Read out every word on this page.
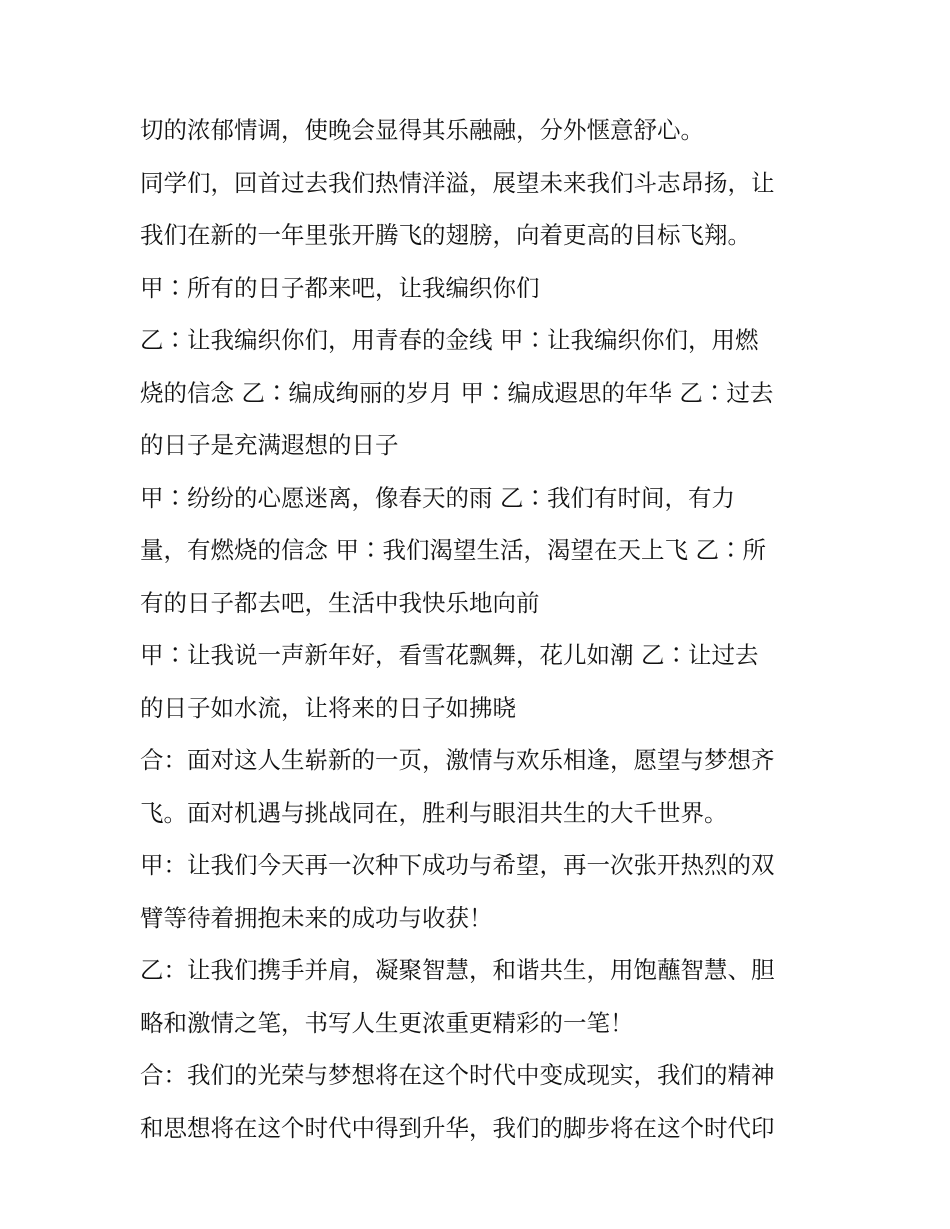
切的浓郁情调，使晚会显得其乐融融，分外惬意舒心。
同学们，回首过去我们热情洋溢，展望未来我们斗志昂扬，让
我们在新的一年里张开腾飞的翅膀，向着更高的目标飞翔。
甲∶所有的日子都来吧，让我编织你们
乙∶让我编织你们，用青春的金线 甲∶让我编织你们，用燃
烧的信念 乙∶编成绚丽的岁月 甲∶编成遐思的年华 乙∶过去
的日子是充满遐想的日子
甲∶纷纷的心愿迷离，像春天的雨 乙∶我们有时间，有力
量，有燃烧的信念 甲∶我们渴望生活，渴望在天上飞 乙∶所
有的日子都去吧，生活中我快乐地向前
甲∶让我说一声新年好，看雪花飘舞，花儿如潮 乙∶让过去
的日子如水流，让将来的日子如拂晓
合：面对这人生崭新的一页，激情与欢乐相逢，愿望与梦想齐
飞。面对机遇与挑战同在，胜利与眼泪共生的大千世界。
甲：让我们今天再一次种下成功与希望，再一次张开热烈的双
臂等待着拥抱未来的成功与收获！
乙：让我们携手并肩，凝聚智慧，和谐共生，用饱蘸智慧、胆
略和激情之笔，书写人生更浓重更精彩的一笔！
合：我们的光荣与梦想将在这个时代中变成现实，我们的精神
和思想将在这个时代中得到升华，我们的脚步将在这个时代印
